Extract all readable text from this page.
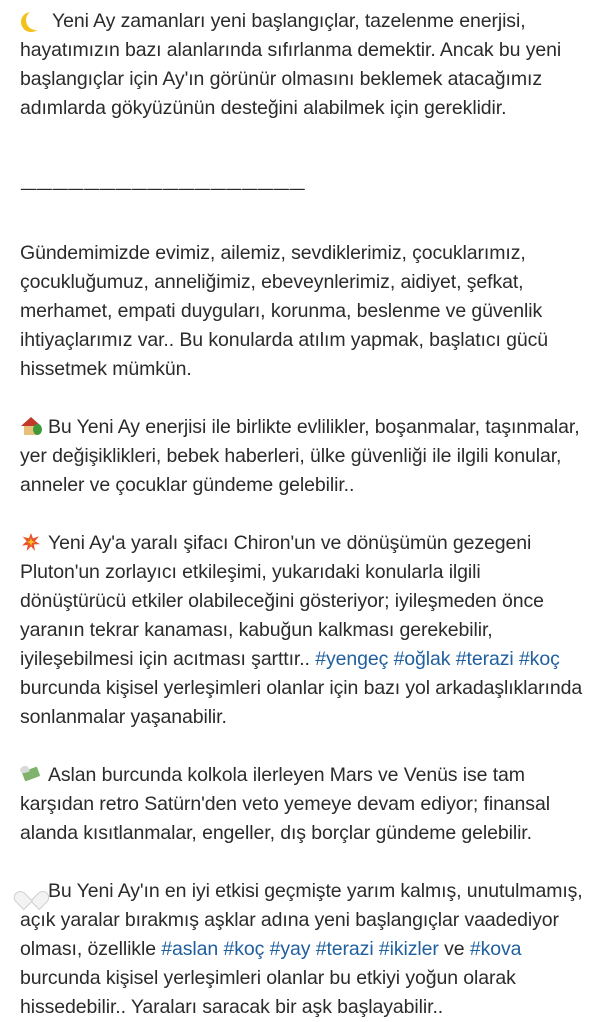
Yeni Ay zamanları yeni başlangıçlar, tazelenme enerjisi, hayatımızın bazı alanlarında sıfırlanma demektir. Ancak bu yeni başlangıçlar için Ay'ın görünür olmasını beklemek atacağımız adımlarda gökyüzünün desteğini alabilmek için gereklidir.

——————————————————

Gündemimizde evimiz, ailemiz, sevdiklerimiz, çocuklarımız, çocukluğumuz, anneliğimiz, ebeveynlerimiz, aidiyet, şefkat, merhamet, empati duyguları, korunma, beslenme ve güvenlik ihtiyaçlarımız var.. Bu konularda atılım yapmak, başlatıcı gücü hissetmek mümkün.

Bu Yeni Ay enerjisi ile birlikte evlilikler, boşanmalar, taşınmalar, yer değişiklikleri, bebek haberleri, ülke güvenliği ile ilgili konular, anneler ve çocuklar gündeme gelebilir..

Yeni Ay'a yaralı şifacı Chiron'un ve dönüşümün gezegeni Pluton'un zorlayıcı etkileşimi, yukarıdaki konularla ilgili dönüştürücü etkiler olabileceğini gösteriyor; iyileşmeden önce yaranın tekrar kanaması, kabuğun kalkması gerekebilir, iyileşebilmesi için acıtması şarttır.. #yengeç #oğlak #terazi #koç burcunda kişisel yerleşimleri olanlar için bazı yol arkadaşlıklarında sonlanmalar yaşanabilir.

Aslan burcunda kolkola ilerleyen Mars ve Venüs ise tam karşıdan retro Satürn'den veto yemeye devam ediyor; finansal alanda kısıtlanmalar, engeller, dış borçlar gündeme gelebilir.

Bu Yeni Ay'ın en iyi etkisi geçmişte yarım kalmış, unutulmamış, açık yaralar bırakmış aşklar adına yeni başlangıçlar vaadediyor olması, özellikle #aslan #koç #yay #terazi #ikizler ve #kova burcunda kişisel yerleşimleri olanlar bu etkiyi yoğun olarak hissedebilir.. Yaraları saracak bir aşk başlayabilir..
